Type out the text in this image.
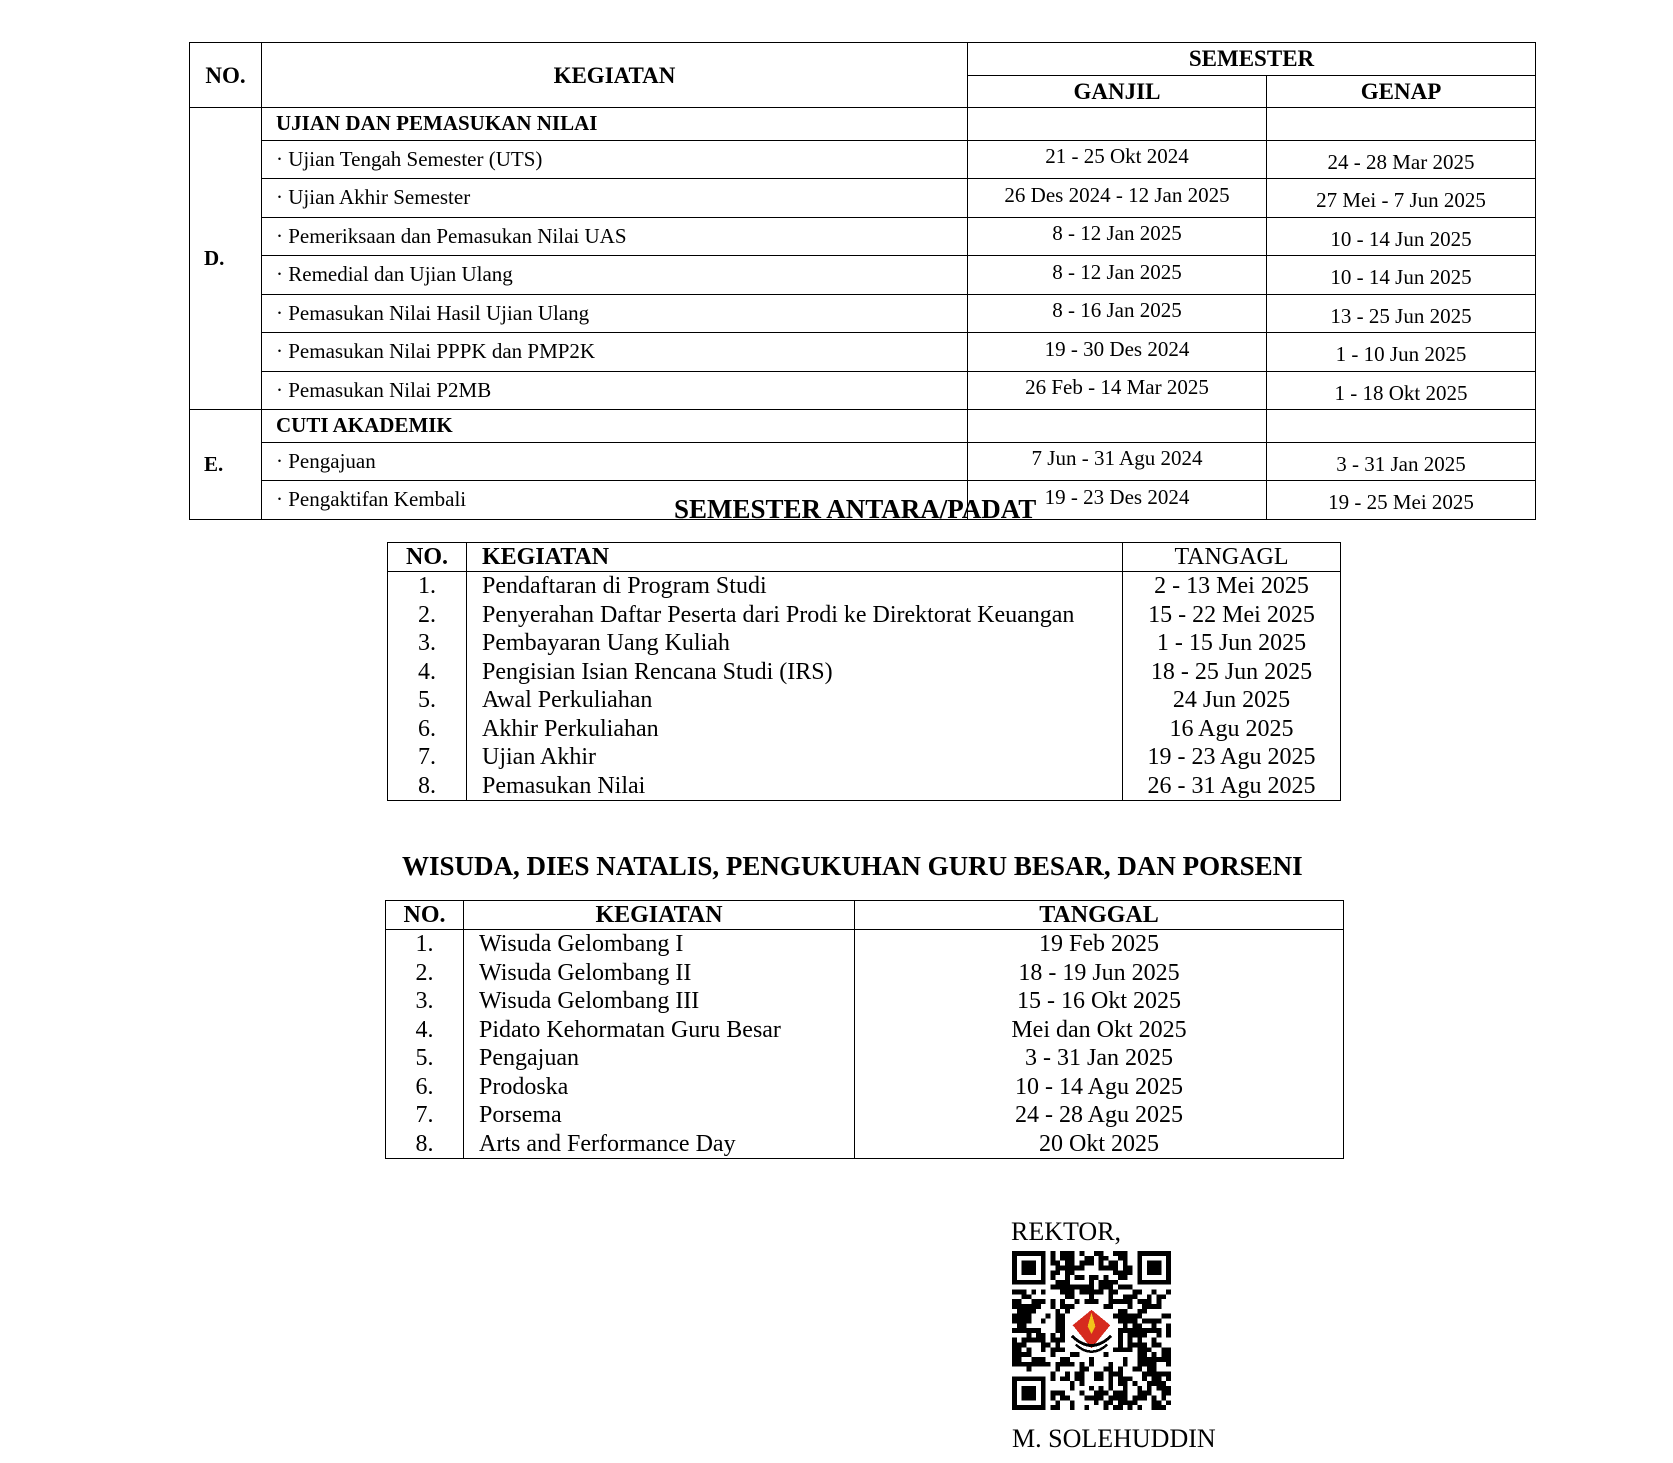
NO.	KEGIATAN	SEMESTER	
		GANJIL	GENAP
D.	UJIAN DAN PEMASUKAN NILAI		
	· Ujian Tengah Semester (UTS)	21 - 25 Okt 2024	24 - 28 Mar 2025
	· Ujian Akhir Semester	26 Des 2024 - 12 Jan 2025	27 Mei - 7 Jun 2025
	· Pemeriksaan dan Pemasukan Nilai UAS	8 - 12 Jan 2025	10 - 14 Jun 2025
	· Remedial dan Ujian Ulang	8 - 12 Jan 2025	10 - 14 Jun 2025
	· Pemasukan Nilai Hasil Ujian Ulang	8 - 16 Jan 2025	13 - 25 Jun 2025
	· Pemasukan Nilai PPPK dan PMP2K	19 - 30 Des 2024	1 - 10 Jun 2025
	· Pemasukan Nilai P2MB	26 Feb - 14 Mar 2025	1 - 18 Okt 2025
E.	CUTI AKADEMIK		
	· Pengajuan	7 Jun - 31 Agu 2024	3 - 31 Jan 2025
	· Pengaktifan Kembali	19 - 23 Des 2024	19 - 25 Mei 2025
SEMESTER ANTARA/PADAT
NO.	KEGIATAN	TANGAGL
1.	Pendaftaran di Program Studi	2 - 13 Mei 2025
2.	Penyerahan Daftar Peserta dari Prodi ke Direktorat Keuangan	15 - 22 Mei 2025
3.	Pembayaran Uang Kuliah	1 - 15 Jun 2025
4.	Pengisian Isian Rencana Studi (IRS)	18 - 25 Jun 2025
5.	Awal Perkuliahan	24 Jun 2025
6.	Akhir Perkuliahan	16 Agu 2025
7.	Ujian Akhir	19 - 23 Agu 2025
8.	Pemasukan Nilai	26 - 31 Agu 2025
WISUDA, DIES NATALIS, PENGUKUHAN GURU BESAR, DAN PORSENI
NO.	KEGIATAN	TANGGAL
1.	Wisuda Gelombang I	19 Feb 2025
2.	Wisuda Gelombang II	18 - 19 Jun 2025
3.	Wisuda Gelombang III	15 - 16 Okt 2025
4.	Pidato Kehormatan Guru Besar	Mei dan Okt 2025
5.	Pengajuan	3 - 31 Jan 2025
6.	Prodoska	10 - 14 Agu 2025
7.	Porsema	24 - 28 Agu 2025
8.	Arts and Ferformance Day	20 Okt 2025
REKTOR,
M. SOLEHUDDIN
